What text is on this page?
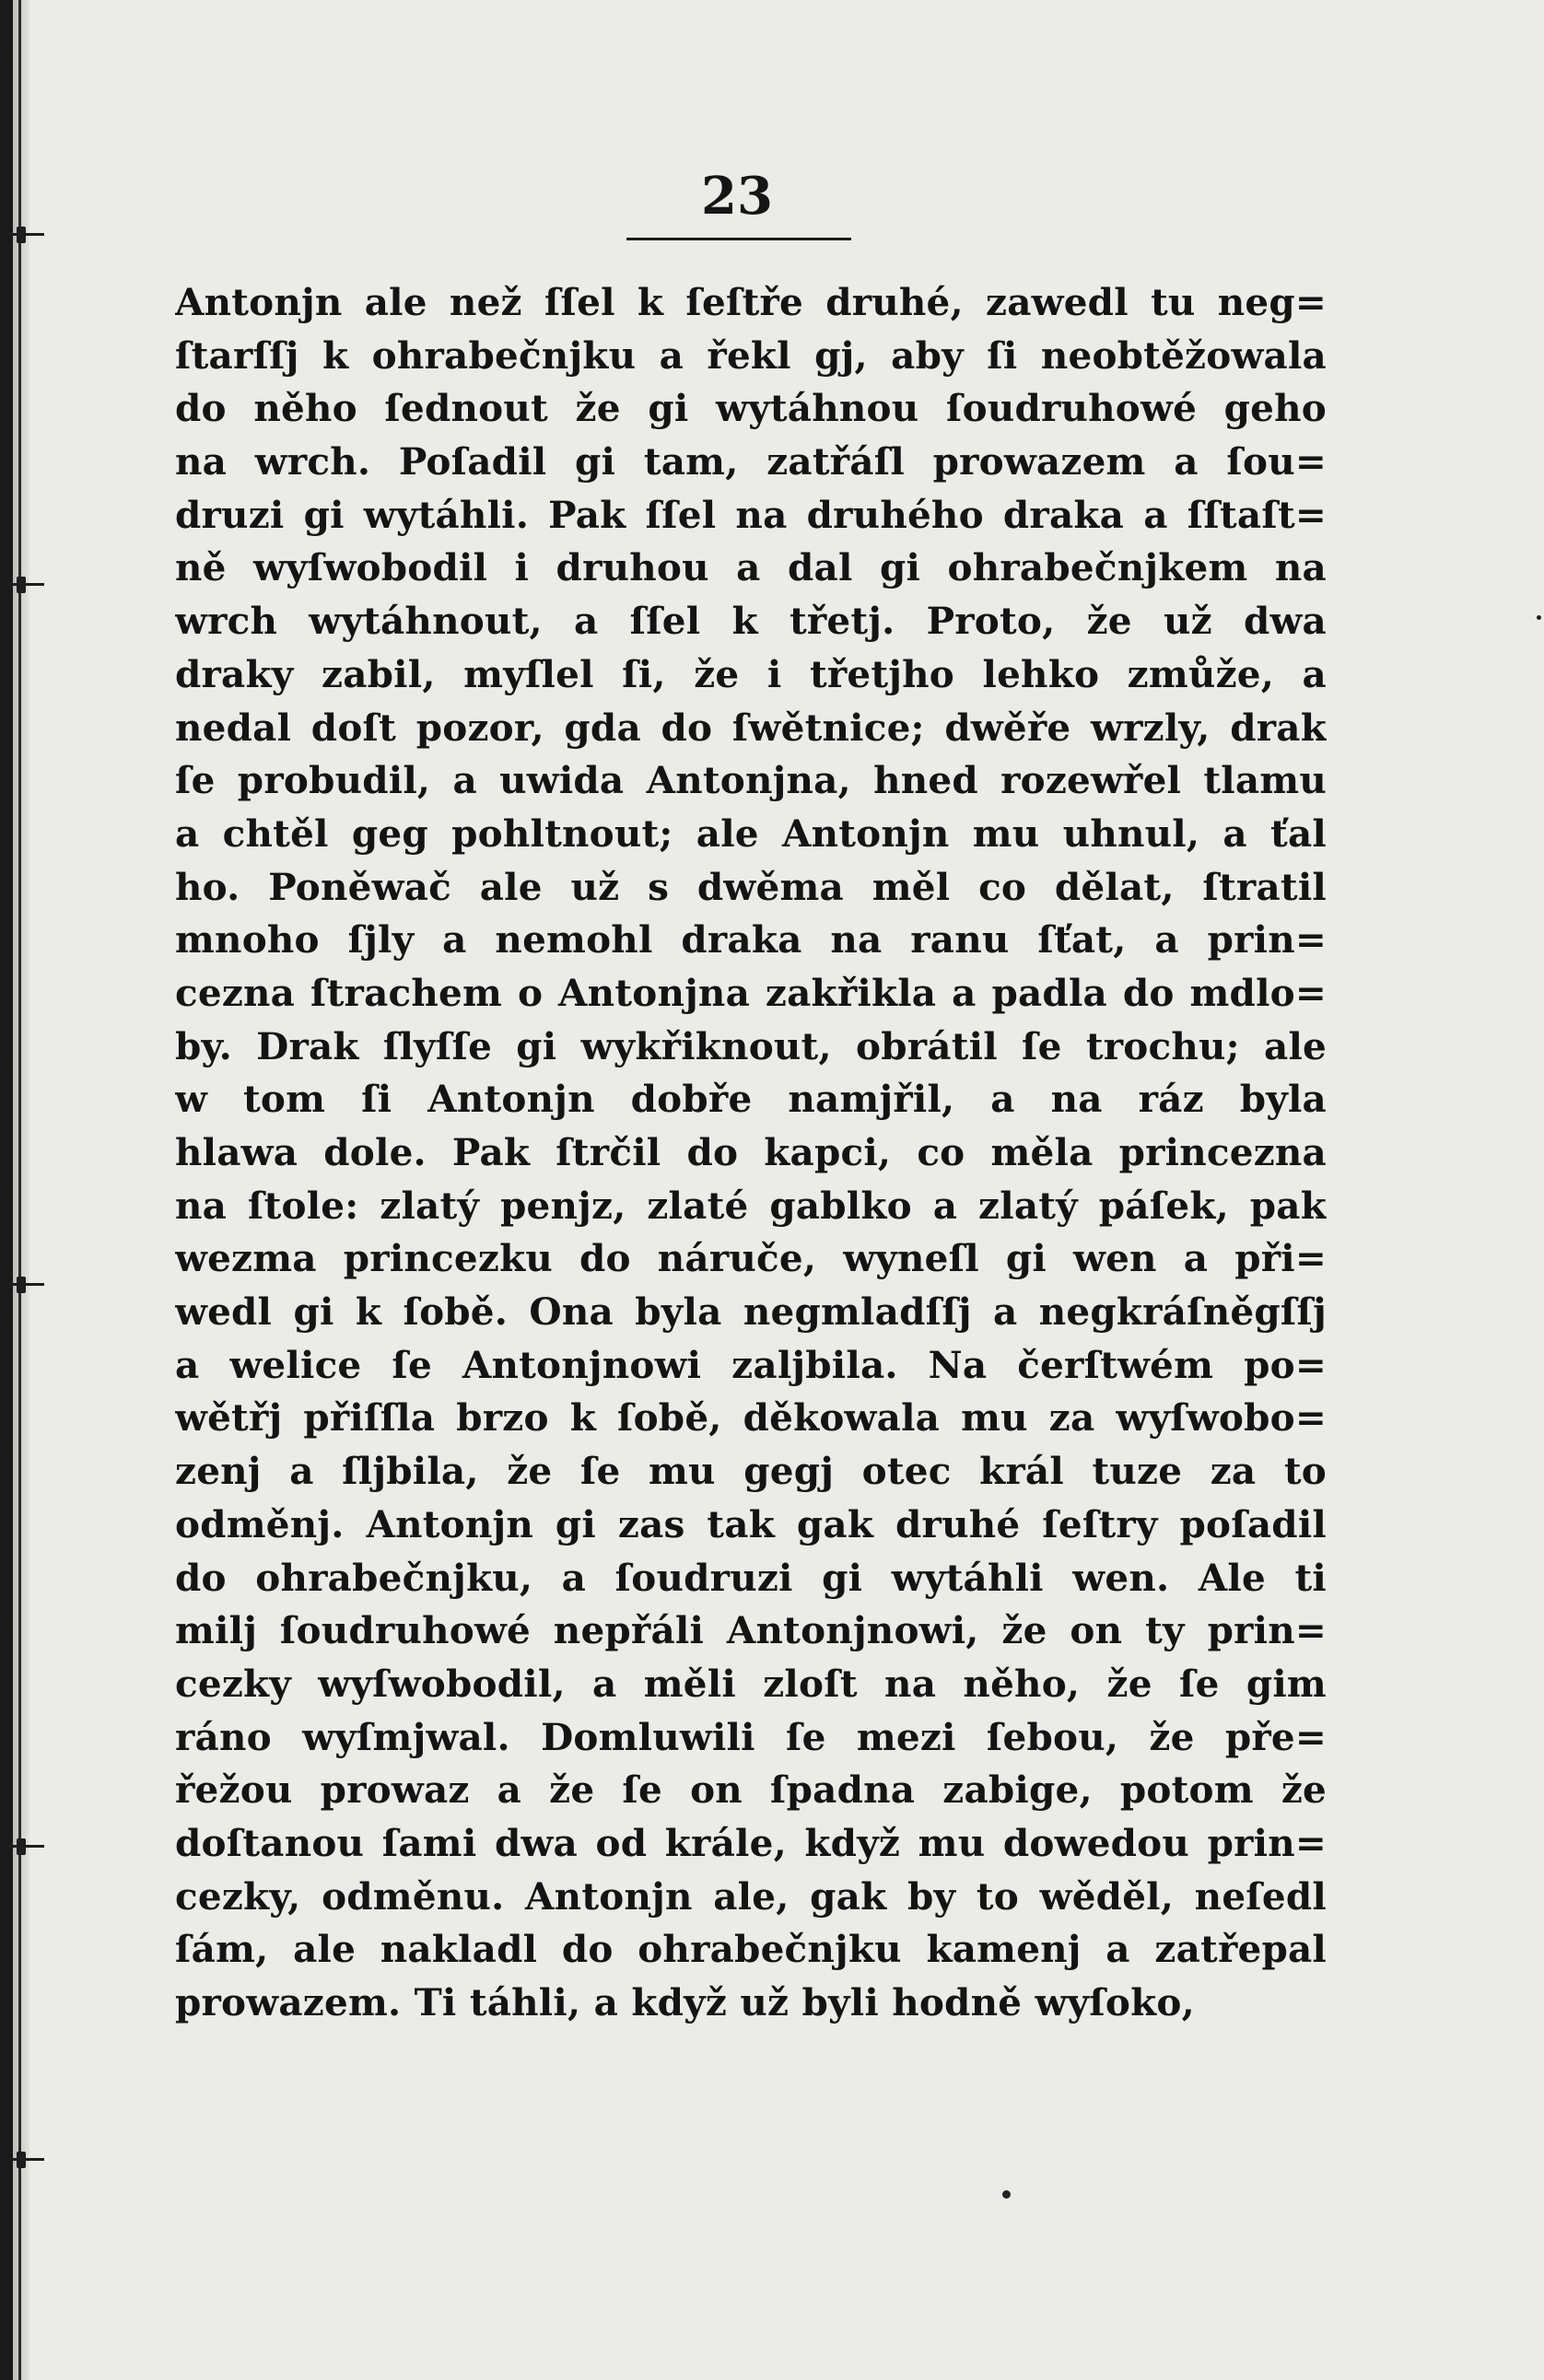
23
Antonjn ale než ſſel k ſeſtře druhé, zawedl tu neg=
ſtarſſj k ohrabečnjku a řekl gj, aby ſi neobtěžowala
do něho ſednout že gi wytáhnou ſoudruhowé geho
na wrch. Poſadil gi tam, zatřáſl prowazem a ſou=
druzi gi wytáhli. Pak ſſel na druhého draka a ſſtaſt=
ně wyſwobodil i druhou a dal gi ohrabečnjkem na
wrch wytáhnout, a ſſel k třetj. Proto, že už dwa
draky zabil, myſlel ſi, že i třetjho lehko zmůže, a
nedal doſt pozor, gda do ſwětnice; dwěře wrzly, drak
ſe probudil, a uwida Antonjna, hned rozewřel tlamu
a chtěl geg pohltnout; ale Antonjn mu uhnul, a ťal
ho. Poněwač ale už s dwěma měl co dělat, ſtratil
mnoho ſjly a nemohl draka na ranu ſťat, a prin=
cezna ſtrachem o Antonjna zakřikla a padla do mdlo=
by. Drak ſlyſſe gi wykřiknout, obrátil ſe trochu; ale
w tom ſi Antonjn dobře namjřil, a na ráz byla
hlawa dole. Pak ſtrčil do kapci, co měla princezna
na ſtole: zlatý penjz, zlaté gablko a zlatý páſek, pak
wezma princezku do náruče, wyneſl gi wen a při=
wedl gi k ſobě. Ona byla negmladſſj a negkráſněgſſj
a welice ſe Antonjnowi zaljbila. Na čerſtwém po=
wětřj přiſſla brzo k ſobě, děkowala mu za wyſwobo=
zenj a ſljbila, že ſe mu gegj otec král tuze za to
odměnj. Antonjn gi zas tak gak druhé ſeſtry poſadil
do ohrabečnjku, a ſoudruzi gi wytáhli wen. Ale ti
milj ſoudruhowé nepřáli Antonjnowi, že on ty prin=
cezky wyſwobodil, a měli zloſt na něho, že ſe gim
ráno wyſmjwal. Domluwili ſe mezi ſebou, že pře=
řežou prowaz a že ſe on ſpadna zabige, potom že
doſtanou ſami dwa od krále, když mu dowedou prin=
cezky, odměnu. Antonjn ale, gak by to wěděl, neſedl
ſám, ale nakladl do ohrabečnjku kamenj a zatřepal
prowazem. Ti táhli, a když už byli hodně wyſoko,
